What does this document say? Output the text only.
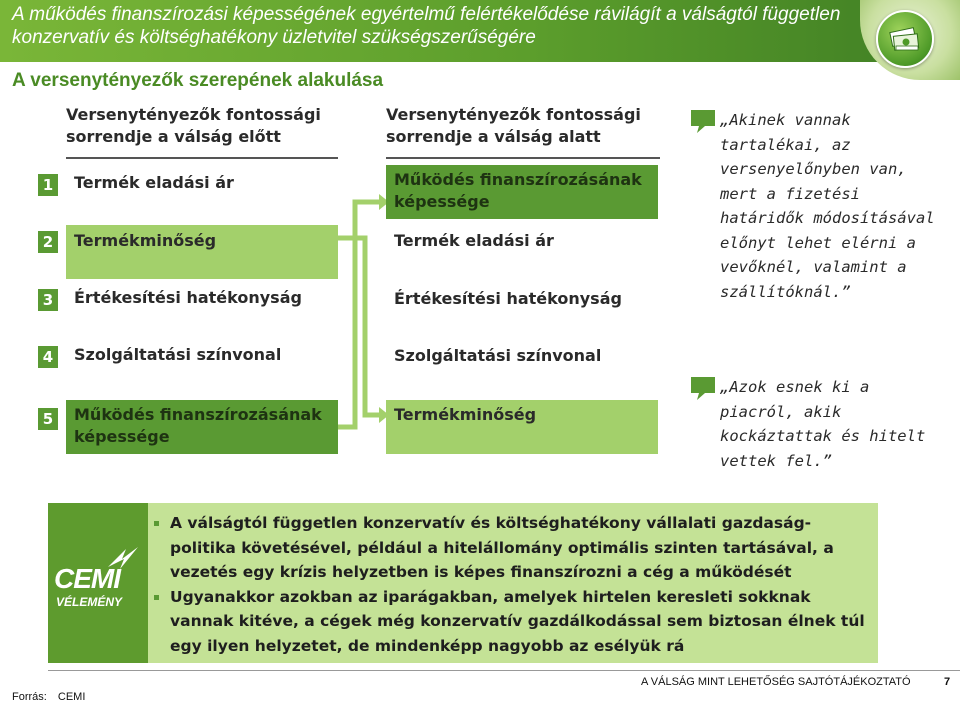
A működés finanszírozási képességének egyértelmű felértékelődése rávilágít a válságtól független konzervatív és költséghatékony üzletvitel szükségszerűségére
A versenytényezők szerepének alakulása
Versenytényezők fontossági sorrendje a válság előtt
1	Termék eladási ár
2	Termékminőség
3	Értékesítési hatékonyság
4	Szolgáltatási színvonal
5	Működés finanszírozásának képessége
Versenytényezők fontossági sorrendje a válság alatt
Működés finanszírozásának képessége
Termék eladási ár
Értékesítési hatékonyság
Szolgáltatási színvonal
Termékminőség
„Akinek vannak tartalékai, az versenyelőnyben van, mert a fizetési határidők módosításával előnyt lehet elérni a vevőknél, valamint a szállítóknál.”
„Azok esnek ki a piacról, akik kockáztattak és hitelt vettek fel.”
CEMI
VÉLEMÉNY
A válságtól független konzervatív és költséghatékony vállalati gazdaság-politika követésével, például a hitelállomány optimális szinten tartásával, a vezetés egy krízis helyzetben is képes finanszírozni a cég a működését
Ugyanakkor azokban az iparágakban, amelyek hirtelen keresleti sokknak vannak kitéve, a cégek még konzervatív gazdálkodással sem biztosan élnek túl egy ilyen helyzetet, de mindenképp nagyobb az esélyük rá
Forrás: CEMI
A VÁLSÁG MINT LEHETŐSÉG SAJTÓTÁJÉKOZTATÓ	7
